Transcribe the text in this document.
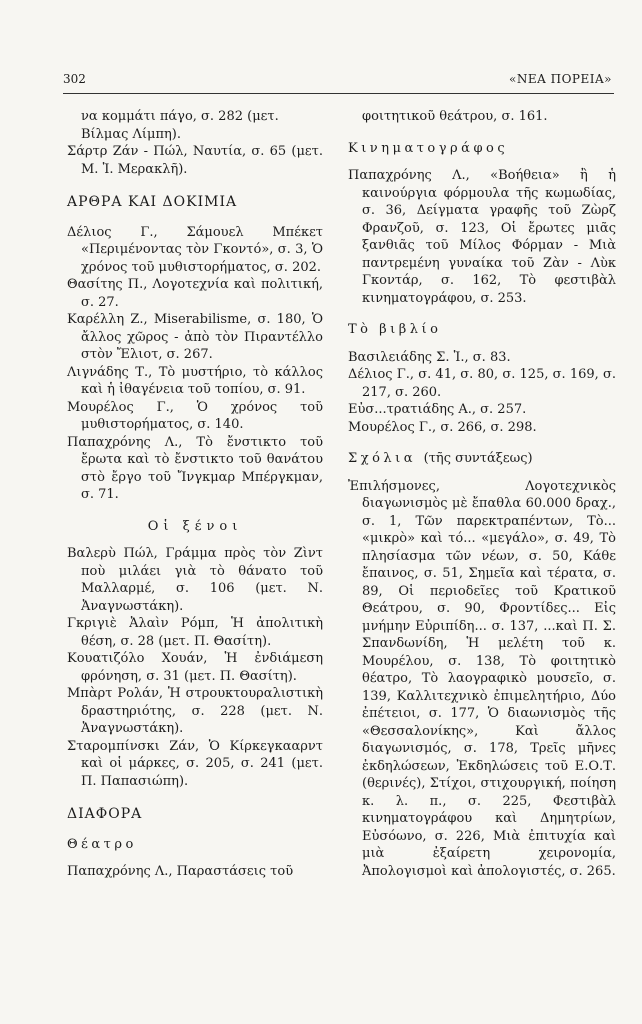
302	«ΝΕΑ ΠΟΡΕΙΑ»
να κομμάτι πάγο, σ. 282 (μετ. Βίλμας Λίμπη).
Σάρτρ Ζάν - Πώλ, Ναυτία, σ. 65 (μετ. Μ. Ἰ. Μερακλῆ).
ΑΡΘΡΑ ΚΑΙ ΔΟΚΙΜΙΑ
Δέλιος Γ., Σάμουελ Μπέκετ «Περιμένοντας τὸν Γκοντό», σ. 3, Ὁ χρόνος τοῦ μυθιστορήματος, σ. 202.
Θασίτης Π., Λογοτεχνία καὶ πολιτική, σ. 27.
Καρέλλη Ζ., Miserabilisme, σ. 180, Ὁ ἄλλος χῶρος - ἀπὸ τὸν Πιραντέλλο στὸν Ἔλιοτ, σ. 267.
Λιγνάδης Τ., Τὸ μυστήριο, τὸ κάλλος καὶ ἡ ἰθαγένεια τοῦ τοπίου, σ. 91.
Μουρέλος Γ., Ὁ χρόνος τοῦ μυθιστορήματος, σ. 140.
Παπαχρόνης Λ., Τὸ ἔνστικτο τοῦ ἔρωτα καὶ τὸ ἔνστικτο τοῦ θανάτου στὸ ἔργο τοῦ Ἴνγκμαρ Μπέργκμαν, σ. 71.
Οἱ ξένοι
Βαλερὺ Πώλ, Γράμμα πρὸς τὸν Ζὶντ ποὺ μιλάει γιὰ τὸ θάνατο τοῦ Μαλλαρμέ, σ. 106 (μετ. Ν. Ἀναγνωστάκη).
Γκριγιὲ Ἀλαὶν Ρόμπ, Ἡ ἀπολιτικὴ θέση, σ. 28 (μετ. Π. Θασίτη).
Κουατιζόλο Χουάν, Ἡ ἐνδιάμεση φρόνηση, σ. 31 (μετ. Π. Θασίτη).
Μπὰρτ Ρολάν, Ἡ στρουκτουραλιστικὴ δραστηριότης, σ. 228 (μετ. Ν. Ἀναγνωστάκη).
Σταρομπίνσκι Ζάν, Ὁ Κίρκεγκααρντ καὶ οἱ μάρκες, σ. 205, σ. 241 (μετ. Π. Παπασιώπη).
ΔΙΑΦΟΡΑ
Θέατρο
Παπαχρόνης Λ., Παραστάσεις τοῦ
φοιτητικοῦ θεάτρου, σ. 161.
Κινηματογράφος
Παπαχρόνης Λ., «Βοήθεια» ἢ ἡ καινούργια φόρμουλα τῆς κωμωδίας, σ. 36, Δείγματα γραφῆς τοῦ Ζὼρζ Φρανζοῦ, σ. 123, Οἱ ἔρωτες μιᾶς ξανθιᾶς τοῦ Μίλος Φόρμαν - Μιὰ παντρεμένη γυναίκα τοῦ Ζὰν - Λὺκ Γκοντάρ, σ. 162, Τὸ φεστιβὰλ κινηματογράφου, σ. 253.
Τὸ βιβλίο
Βασιλειάδης Σ. Ἰ., σ. 83.
Δέλιος Γ., σ. 41, σ. 80, σ. 125, σ. 169, σ. 217, σ. 260.
Εὐσ...τρατιάδης Α., σ. 257.
Μουρέλος Γ., σ. 266, σ. 298.
Σχόλια (τῆς συντάξεως)
Ἐπιλήσμονες, Λογοτεχνικὸς διαγωνισμὸς μὲ ἔπαθλα 60.000 δραχ., σ. 1, Τῶν παρεκτραπέντων, Τὸ... «μικρὸ» καὶ τό... «μεγάλο», σ. 49, Τὸ πλησίασμα τῶν νέων, σ. 50, Κάθε ἔπαινος, σ. 51, Σημεῖα καὶ τέρατα, σ. 89, Οἱ περιοδεῖες τοῦ Κρατικοῦ Θεάτρου, σ. 90, Φροντίδες... Εἰς μνήμην Εὐριπίδη... σ. 137, ...καὶ Π. Σ. Σπανδωνίδη, Ἡ μελέτη τοῦ κ. Μουρέλου, σ. 138, Τὸ φοιτητικὸ θέατρο, Τὸ λαογραφικὸ μουσεῖο, σ. 139, Καλλιτεχνικὸ ἐπιμελητήριο, Δύο ἐπέτειοι, σ. 177, Ὁ διαωνισμὸς τῆς «Θεσσαλονίκης», Καὶ ἄλλος διαγωνισμός, σ. 178, Τρεῖς μῆνες ἐκδηλώσεων, Ἐκδηλώσεις τοῦ Ε.Ο.Τ. (θερινές), Στίχοι, στιχουργική, ποίηση κ. λ. π., σ. 225, Φεστιβὰλ κινηματογράφου καὶ Δημητρίων, Εὐσόωνο, σ. 226, Μιὰ ἐπιτυχία καὶ μιὰ ἐξαίρετη χειρονομία, Ἀπολογισμοὶ καὶ ἀπολογιστές, σ. 265.
